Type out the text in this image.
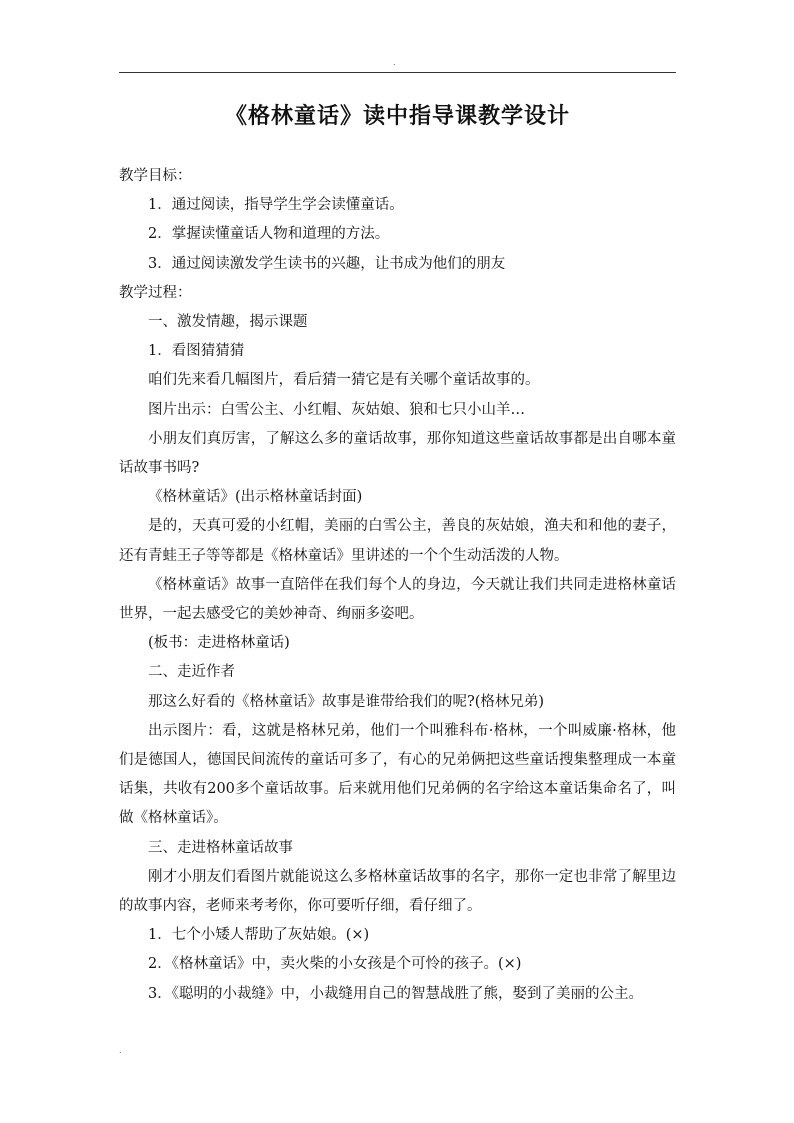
.
《格林童话》读中指导课教学设计

教学目标：

1．通过阅读，指导学生学会读懂童话。

2．掌握读懂童话人物和道理的方法。

3．通过阅读激发学生读书的兴趣，让书成为他们的朋友

教学过程：

一、激发情趣，揭示课题

1．看图猜猜猜

咱们先来看几幅图片，看后猜一猜它是有关哪个童话故事的。

图片出示：白雪公主、小红帽、灰姑娘、狼和七只小山羊…

小朋友们真厉害，了解这么多的童话故事，那你知道这些童话故事都是出自哪本童话故事书吗?

《格林童话》(出示格林童话封面)

是的，天真可爱的小红帽，美丽的白雪公主，善良的灰姑娘，渔夫和和他的妻子，还有青蛙王子等等都是《格林童话》里讲述的一个个生动活泼的人物。

《格林童话》故事一直陪伴在我们每个人的身边，今天就让我们共同走进格林童话世界，一起去感受它的美妙神奇、绚丽多姿吧。

(板书：走进格林童话)

二、走近作者

那这么好看的《格林童话》故事是谁带给我们的呢?(格林兄弟)

出示图片：看，这就是格林兄弟，他们一个叫雅科布·格林，一个叫威廉·格林，他们是德国人，德国民间流传的童话可多了，有心的兄弟俩把这些童话搜集整理成一本童话集，共收有200多个童话故事。后来就用他们兄弟俩的名字给这本童话集命名了，叫做《格林童话》。

三、走进格林童话故事

刚才小朋友们看图片就能说这么多格林童话故事的名字，那你一定也非常了解里边的故事内容，老师来考考你，你可要听仔细，看仔细了。

1．七个小矮人帮助了灰姑娘。(×)

2．《格林童话》中，卖火柴的小女孩是个可怜的孩子。(×)

3．《聪明的小裁缝》中，小裁缝用自己的智慧战胜了熊，娶到了美丽的公主。

.
